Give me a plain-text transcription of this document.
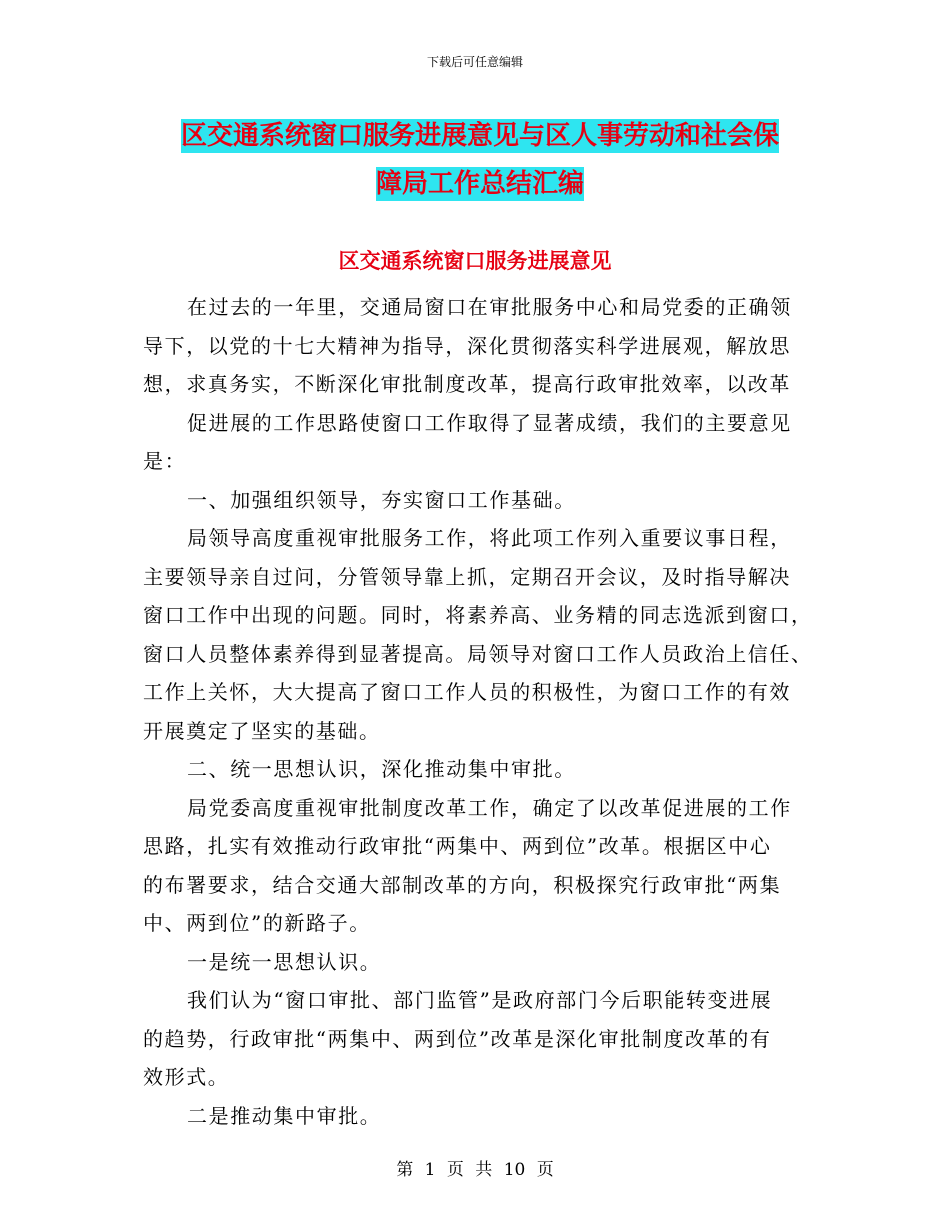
下载后可任意编辑
区交通系统窗口服务进展意见与区人事劳动和社会保
障局工作总结汇编
区交通系统窗口服务进展意见
在过去的一年里，交通局窗口在审批服务中心和局党委的正确领
导下，以党的十七大精神为指导，深化贯彻落实科学进展观，解放思
想，求真务实，不断深化审批制度改革，提高行政审批效率，以改革
促进展的工作思路使窗口工作取得了显著成绩，我们的主要意见
是：
一、加强组织领导，夯实窗口工作基础。
局领导高度重视审批服务工作，将此项工作列入重要议事日程，
主要领导亲自过问，分管领导靠上抓，定期召开会议，及时指导解决
窗口工作中出现的问题。同时，将素养高、业务精的同志选派到窗口，
窗口人员整体素养得到显著提高。局领导对窗口工作人员政治上信任、
工作上关怀，大大提高了窗口工作人员的积极性，为窗口工作的有效
开展奠定了坚实的基础。
二、统一思想认识，深化推动集中审批。
局党委高度重视审批制度改革工作，确定了以改革促进展的工作
思路，扎实有效推动行政审批“两集中、两到位”改革。根据区中心
的布署要求，结合交通大部制改革的方向，积极探究行政审批“两集
中、两到位”的新路子。
一是统一思想认识。
我们认为“窗口审批、部门监管”是政府部门今后职能转变进展
的趋势，行政审批“两集中、两到位”改革是深化审批制度改革的有
效形式。
二是推动集中审批。
第 1 页 共 10 页
